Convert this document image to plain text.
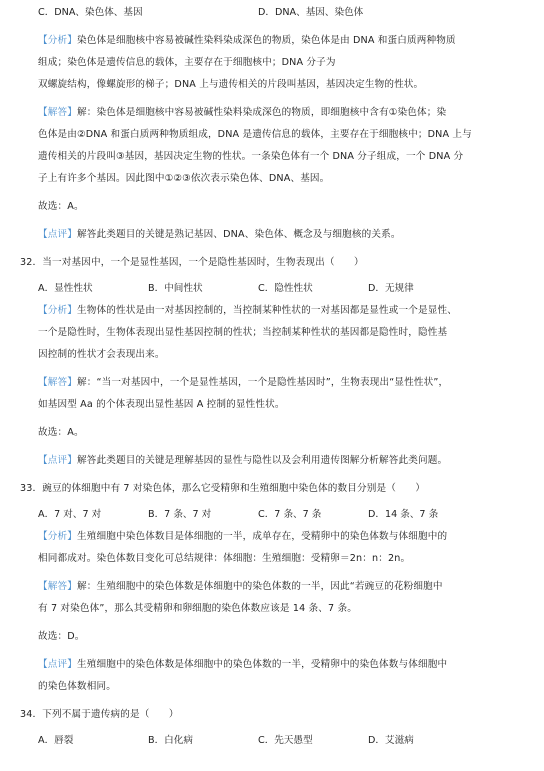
【分析】染色体是细胞核中容易被碱性染料染成深色的物质，染色体是由 DNA 和蛋白质两种物质
组成；染色体是遗传信息的载体，主要存在于细胞核中；DNA 分子为
双螺旋结构，像螺旋形的梯子；DNA 上与遗传相关的片段叫基因，基因决定生物的性状。
【解答】解：染色体是细胞核中容易被碱性染料染成深色的物质，即细胞核中含有①染色体；染
色体是由②DNA 和蛋白质两种物质组成，DNA 是遗传信息的载体，主要存在于细胞核中；DNA 上与
遗传相关的片段叫③基因，基因决定生物的性状。一条染色体有一个 DNA 分子组成，一个 DNA 分
子上有许多个基因。因此图中①②③依次表示染色体、DNA、基因。
故选：A。
【点评】解答此类题目的关键是熟记基因、DNA、染色体、概念及与细胞核的关系。
32．当一对基因中，一个是显性基因，一个是隐性基因时，生物表现出（　　）
【分析】生物体的性状是由一对基因控制的，当控制某种性状的一对基因都是显性或一个是显性、
一个是隐性时，生物体表现出显性基因控制的性状；当控制某种性状的基因都是隐性时，隐性基
因控制的性状才会表现出来。
【解答】解：“当一对基因中，一个是显性基因，一个是隐性基因时”，生物表现出“显性性状”，
如基因型 Aa 的个体表现出显性基因 A 控制的显性性状。
故选：A。
【点评】解答此类题目的关键是理解基因的显性与隐性以及会利用遗传图解分析解答此类问题。
33．豌豆的体细胞中有 7 对染色体，那么它受精卵和生殖细胞中染色体的数目分别是（　　）
【分析】生殖细胞中染色体数目是体细胞的一半，成单存在，受精卵中的染色体数与体细胞中的
相同都成对。染色体数目变化可总结规律：体细胞：生殖细胞：受精卵＝2n：n：2n。
【解答】解：生殖细胞中的染色体数是体细胞中的染色体数的一半，因此“若豌豆的花粉细胞中
有 7 对染色体”，那么其受精卵和卵细胞的染色体数应该是 14 条、7 条。
故选：D。
【点评】生殖细胞中的染色体数是体细胞中的染色体数的一半，受精卵中的染色体数与体细胞中
的染色体数相同。
34．下列不属于遗传病的是（　　）
C．DNA、染色体、基因	D．DNA、基因、染色体
A．显性性状	B．中间性状	C．隐性性状	D．无规律
A．7 对、7 对	B．7 条、7 对	C．7 条、7 条	D．14 条、7 条
A．唇裂	B．白化病	C．先天愚型	D．艾滋病
